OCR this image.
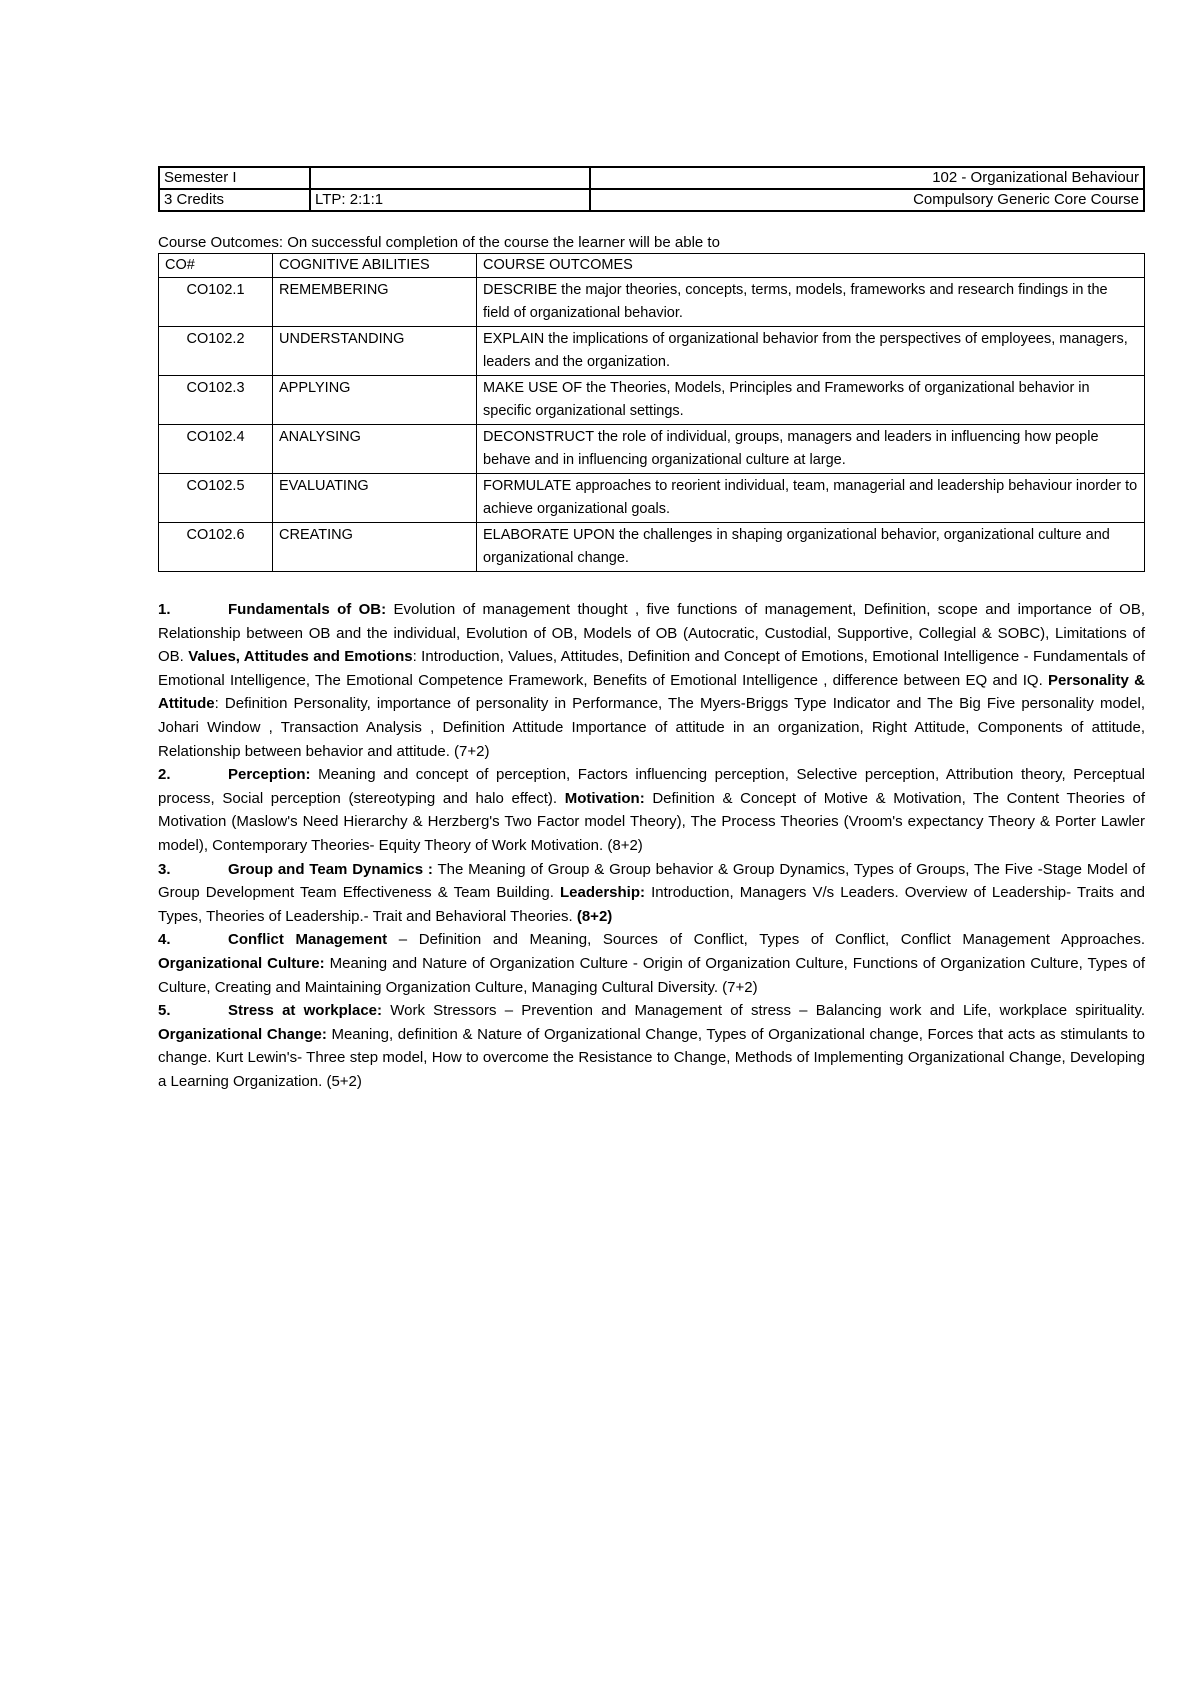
Semester I		102 - Organizational Behaviour
3 Credits	LTP: 2:1:1	Compulsory Generic Core Course
Course Outcomes: On successful completion of the course the learner will be able to
CO#	COGNITIVE ABILITIES	COURSE OUTCOMES
CO102.1	REMEMBERING	DESCRIBE the major theories, concepts, terms, models, frameworks and research findings in the field of organizational behavior.
CO102.2	UNDERSTANDING	EXPLAIN the implications of organizational behavior from the perspectives of employees, managers, leaders and the organization.
CO102.3	APPLYING	MAKE USE OF the Theories, Models, Principles and Frameworks of organizational behavior in specific organizational settings.
CO102.4	ANALYSING	DECONSTRUCT the role of individual, groups, managers and leaders in influencing how people behave and in influencing organizational culture at large.
CO102.5	EVALUATING	FORMULATE approaches to reorient individual, team, managerial and leadership behaviour inorder to achieve organizational goals.
CO102.6	CREATING	ELABORATE UPON the challenges in shaping organizational behavior, organizational culture and organizational change.

1.	Fundamentals of OB: Evolution of management thought , five functions of management, Definition, scope and importance of OB, Relationship between OB and the individual, Evolution of OB, Models of OB (Autocratic, Custodial, Supportive, Collegial & SOBC), Limitations of OB. Values, Attitudes and Emotions: Introduction, Values, Attitudes, Definition and Concept of Emotions, Emotional Intelligence - Fundamentals of Emotional Intelligence, The Emotional Competence Framework, Benefits of Emotional Intelligence , difference between EQ and IQ. Personality & Attitude: Definition Personality, importance of personality in Performance, The Myers-Briggs Type Indicator and The Big Five personality model, Johari Window , Transaction Analysis , Definition Attitude Importance of attitude in an organization, Right Attitude, Components of attitude, Relationship between behavior and attitude. (7+2)

2.	Perception: Meaning and concept of perception, Factors influencing perception, Selective perception, Attribution theory, Perceptual process, Social perception (stereotyping and halo effect). Motivation: Definition & Concept of Motive & Motivation, The Content Theories of Motivation (Maslow's Need Hierarchy & Herzberg's Two Factor model Theory), The Process Theories (Vroom's expectancy Theory & Porter Lawler model), Contemporary Theories- Equity Theory of Work Motivation. (8+2)

3.	Group and Team Dynamics : The Meaning of Group & Group behavior & Group Dynamics, Types of Groups, The Five -Stage Model of Group Development Team Effectiveness & Team Building. Leadership: Introduction, Managers V/s Leaders. Overview of Leadership- Traits and Types, Theories of Leadership.- Trait and Behavioral Theories. (8+2)

4.	Conflict Management – Definition and Meaning, Sources of Conflict, Types of Conflict, Conflict Management Approaches. Organizational Culture: Meaning and Nature of Organization Culture - Origin of Organization Culture, Functions of Organization Culture, Types of Culture, Creating and Maintaining Organization Culture, Managing Cultural Diversity. (7+2)

5.	Stress at workplace: Work Stressors – Prevention and Management of stress – Balancing work and Life, workplace spirituality. Organizational Change: Meaning, definition & Nature of Organizational Change, Types of Organizational change, Forces that acts as stimulants to change. Kurt Lewin's- Three step model, How to overcome the Resistance to Change, Methods of Implementing Organizational Change, Developing a Learning Organization. (5+2)
